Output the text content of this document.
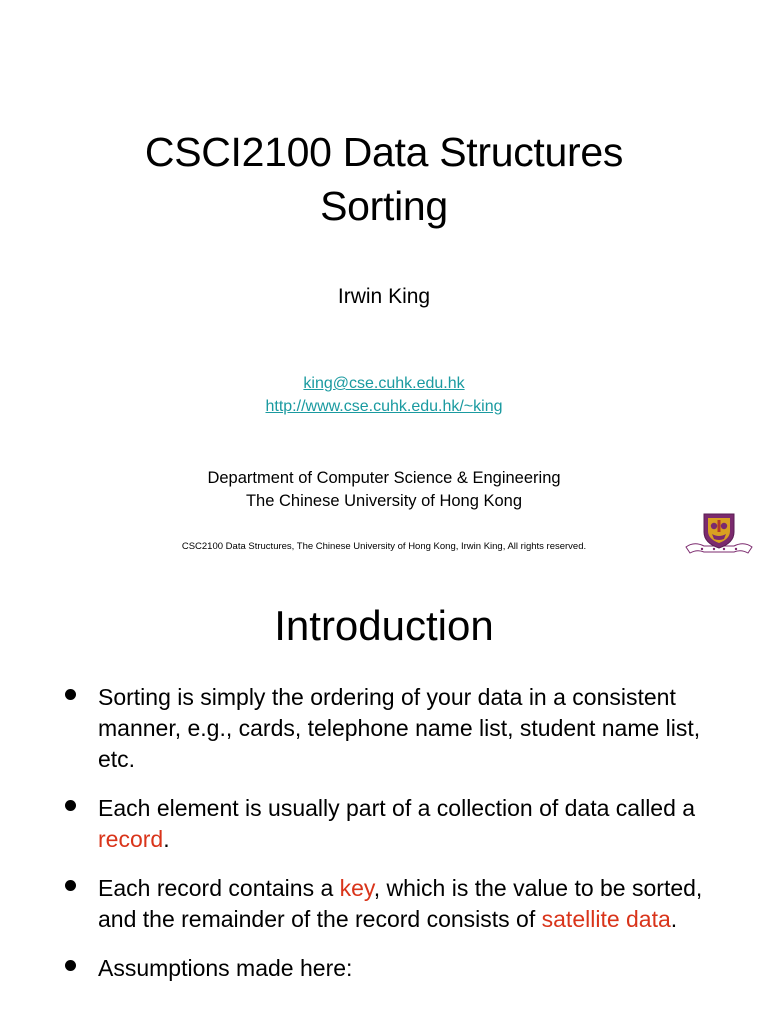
CSCI2100 Data Structures
Sorting
Irwin King
king@cse.cuhk.edu.hk
http://www.cse.cuhk.edu.hk/~king
Department of Computer Science & Engineering
The Chinese University of Hong Kong
CSC2100 Data Structures, The Chinese University of Hong Kong, Irwin King, All rights reserved.
Introduction
Sorting is simply the ordering of your data in a consistent manner, e.g., cards, telephone name list, student name list, etc.
Each element is usually part of a collection of data called a record.
Each record contains a key, which is the value to be sorted, and the remainder of the record consists of satellite data.
Assumptions made here:
